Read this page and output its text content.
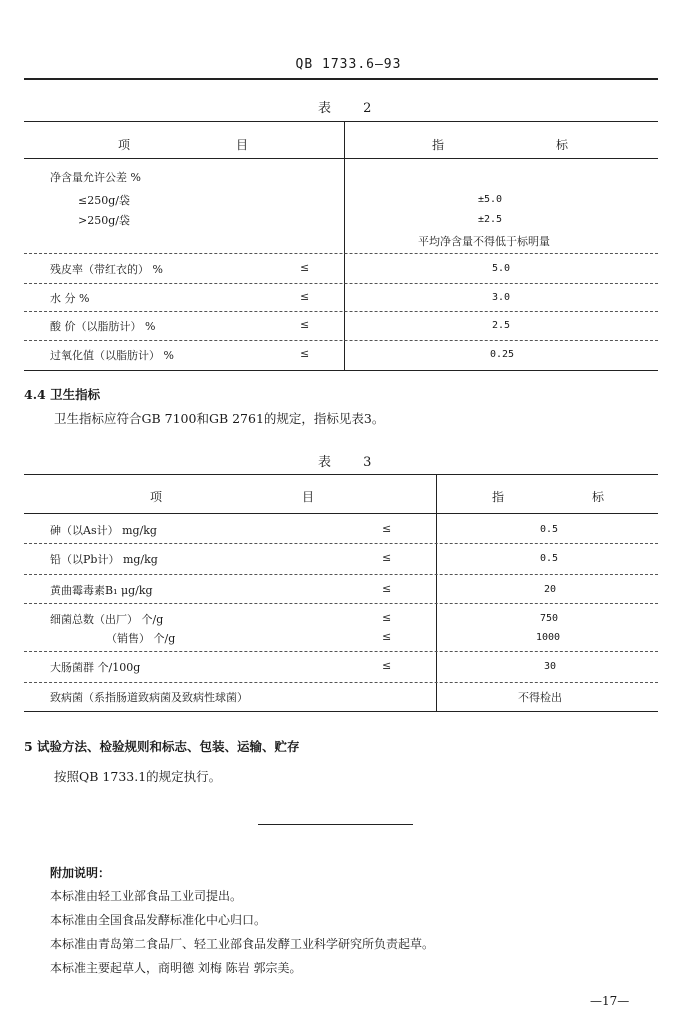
QB 1733.6—93
表 2
项	目	指	标
净含量允许公差 %
≤250g/袋	±5.0
>250g/袋	±2.5
平均净含量不得低于标明量
残皮率（带红衣的） %	≤	5.0
水 分 %	≤	3.0
酸 价（以脂肪计） %	≤	2.5
过氧化值（以脂肪计） %	≤	0.25
4.4 卫生指标
卫生指标应符合GB 7100和GB 2761的规定，指标见表3。
表 3
项	目	指	标
砷（以As计） mg/kg	≤	0.5
铅（以Pb计） mg/kg	≤	0.5
黄曲霉毒素B₁ μg/kg	≤	20
细菌总数（出厂） 个/g	≤	750
（销售） 个/g	≤	1000
大肠菌群 个/100g	≤	30
致病菌（系指肠道致病菌及致病性球菌）	不得检出
5 试验方法、检验规则和标志、包装、运输、贮存
按照QB 1733.1的规定执行。
附加说明：
本标准由轻工业部食品工业司提出。
本标准由全国食品发酵标准化中心归口。
本标准由青岛第二食品厂、轻工业部食品发酵工业科学研究所负责起草。
本标准主要起草人，商明德 刘梅 陈岩 郭宗美。
—17—
